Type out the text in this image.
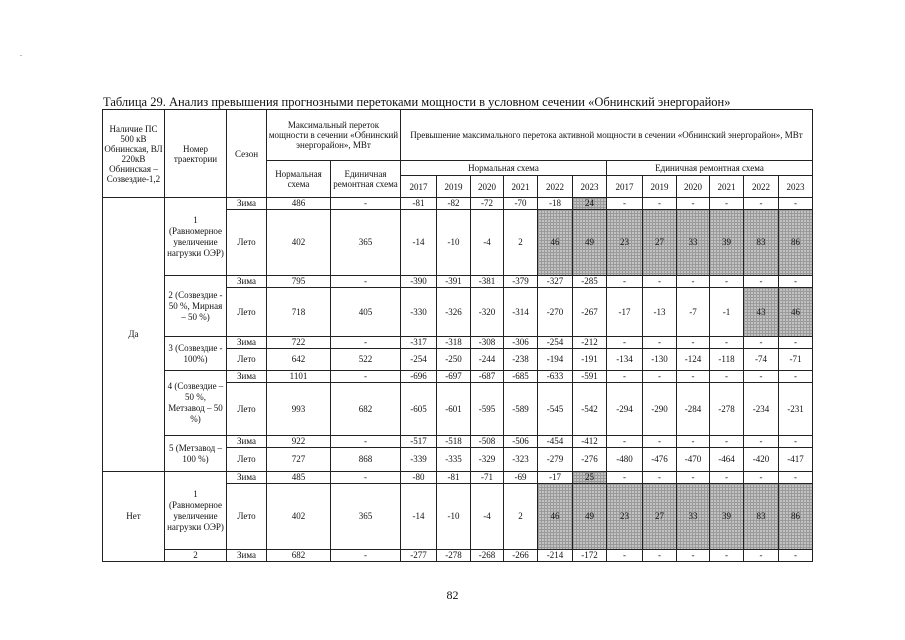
Таблица 29. Анализ превышения прогнозными перетоками мощности в условном сечении «Обнинский энергорайон»
Наличие ПС 500 кВ Обнинская, ВЛ 220кВ Обнинская – Созвездие-1,2	Номер траектории	Сезон	Максимальный переток мощности в сечении «Обнинский энергорайон», МВт		Превышение максимального перетока активной мощности в сечении «Обнинский энергорайон», МВт											
			Нормальная схема	Единичная ремонтная схема	Нормальная схема						Единичная ремонтная схема					
					2017	2019	2020	2021	2022	2023	2017	2019	2020	2021	2022	2023
Да	1 (Равномерное увеличение нагрузки ОЭР)	Зима	486	-	-81	-82	-72	-70	-18	24	-	-	-	-	-	-
		Лето	402	365	-14	-10	-4	2	46	49	23	27	33	39	83	86
	2 (Созвездие - 50 %, Мирная – 50 %)	Зима	795	-	-390	-391	-381	-379	-327	-285	-	-	-	-	-	-
		Лето	718	405	-330	-326	-320	-314	-270	-267	-17	-13	-7	-1	43	46
	3 (Созвездие - 100%)	Зима	722	-	-317	-318	-308	-306	-254	-212	-	-	-	-	-	-
		Лето	642	522	-254	-250	-244	-238	-194	-191	-134	-130	-124	-118	-74	-71
	4 (Созвездие – 50 %, Метзавод – 50 %)	Зима	1101	-	-696	-697	-687	-685	-633	-591	-	-	-	-	-	-
		Лето	993	682	-605	-601	-595	-589	-545	-542	-294	-290	-284	-278	-234	-231
	5 (Метзавод – 100 %)	Зима	922	-	-517	-518	-508	-506	-454	-412	-	-	-	-	-	-
		Лето	727	868	-339	-335	-329	-323	-279	-276	-480	-476	-470	-464	-420	-417
Нет	1 (Равномерное увеличение нагрузки ОЭР)	Зима	485	-	-80	-81	-71	-69	-17	25	-	-	-	-	-	-
		Лето	402	365	-14	-10	-4	2	46	49	23	27	33	39	83	86
	2	Зима	682	-	-277	-278	-268	-266	-214	-172	-	-	-	-	-	-
82
